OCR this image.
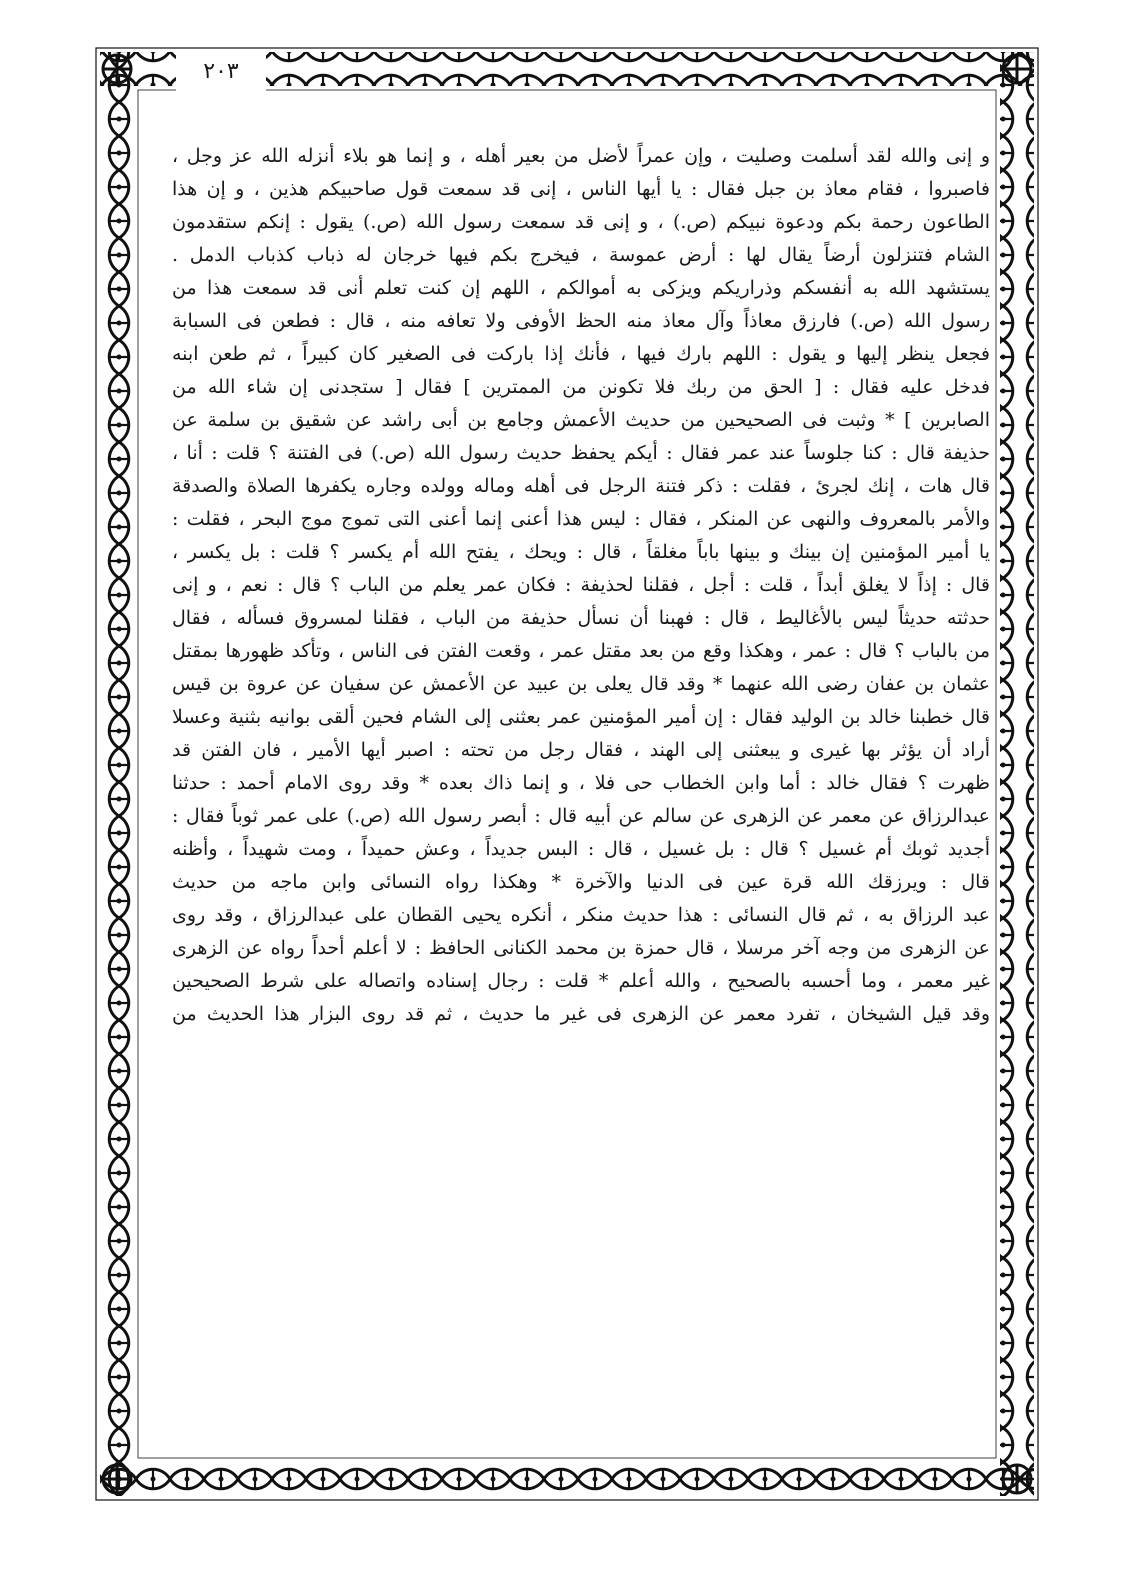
٢٠٣
و إنى والله لقد أسلمت وصليت ، وإن عمراً لأضل من بعير أهله ، و إنما هو بلاء أنزله الله عز وجل ،
فاصبروا ، فقام معاذ بن جبل فقال : يا أيها الناس ، إنى قد سمعت قول صاحبيكم هذين ، و إن هذا
الطاعون رحمة بكم ودعوة نبيكم (ص.) ، و إنى قد سمعت رسول الله (ص.) يقول : إنكم ستقدمون
الشام فتنزلون أرضاً يقال لها : أرض عموسة ، فيخرج بكم فيها خرجان له ذباب كذباب الدمل .
يستشهد الله به أنفسكم وذراريكم ويزكى به أموالكم ، اللهم إن كنت تعلم أنى قد سمعت هذا من
رسول الله (ص.) فارزق معاذاً وآل معاذ منه الحظ الأوفى ولا تعافه منه ، قال : فطعن فى السبابة
فجعل ينظر إليها و يقول : اللهم بارك فيها ، فأنك إذا باركت فى الصغير كان كبيراً ، ثم طعن ابنه
فدخل عليه فقال : [ الحق من ربك فلا تكونن من الممترين ] فقال [ ستجدنى إن شاء الله من
الصابرين ] * وثبت فى الصحيحين من حديث الأعمش وجامع بن أبى راشد عن شقيق بن سلمة عن
حذيفة قال : كنا جلوساً عند عمر فقال : أيكم يحفظ حديث رسول الله (ص.) فى الفتنة ؟ قلت : أنا ،
قال هات ، إنك لجرئ ، فقلت : ذكر فتنة الرجل فى أهله وماله وولده وجاره يكفرها الصلاة والصدقة
والأمر بالمعروف والنهى عن المنكر ، فقال : ليس هذا أعنى إنما أعنى التى تموج موج البحر ، فقلت :
يا أمير المؤمنين إن بينك و بينها باباً مغلقاً ، قال : ويحك ، يفتح الله أم يكسر ؟ قلت : بل يكسر ،
قال : إذاً لا يغلق أبداً ، قلت : أجل ، فقلنا لحذيفة : فكان عمر يعلم من الباب ؟ قال : نعم ، و إنى
حدثته حديثاً ليس بالأغاليط ، قال : فهبنا أن نسأل حذيفة من الباب ، فقلنا لمسروق فسأله ، فقال
من بالباب ؟ قال : عمر ، وهكذا وقع من بعد مقتل عمر ، وقعت الفتن فى الناس ، وتأكد ظهورها بمقتل
عثمان بن عفان رضى الله عنهما * وقد قال يعلى بن عبيد عن الأعمش عن سفيان عن عروة بن قيس
قال خطبنا خالد بن الوليد فقال : إن أمير المؤمنين عمر بعثنى إلى الشام فحين ألقى بوانيه بثنية وعسلا
أراد أن يؤثر بها غيرى و يبعثنى إلى الهند ، فقال رجل من تحته : اصبر أيها الأمير ، فان الفتن قد
ظهرت ؟ فقال خالد : أما وابن الخطاب حى فلا ، و إنما ذاك بعده * وقد روى الامام أحمد : حدثنا
عبدالرزاق عن معمر عن الزهرى عن سالم عن أبيه قال : أبصر رسول الله (ص.) على عمر ثوباً فقال :
أجديد ثوبك أم غسيل ؟ قال : بل غسيل ، قال : البس جديداً ، وعش حميداً ، ومت شهيداً ، وأظنه
قال : ويرزقك الله قرة عين فى الدنيا والآخرة * وهكذا رواه النسائى وابن ماجه من حديث
عبد الرزاق به ، ثم قال النسائى : هذا حديث منكر ، أنكره يحيى القطان على عبدالرزاق ، وقد روى
عن الزهرى من وجه آخر مرسلا ، قال حمزة بن محمد الكنانى الحافظ : لا أعلم أحداً رواه عن الزهرى
غير معمر ، وما أحسبه بالصحيح ، والله أعلم * قلت : رجال إسناده واتصاله على شرط الصحيحين
وقد قيل الشيخان ، تفرد معمر عن الزهرى فى غير ما حديث ، ثم قد روى البزار هذا الحديث من
